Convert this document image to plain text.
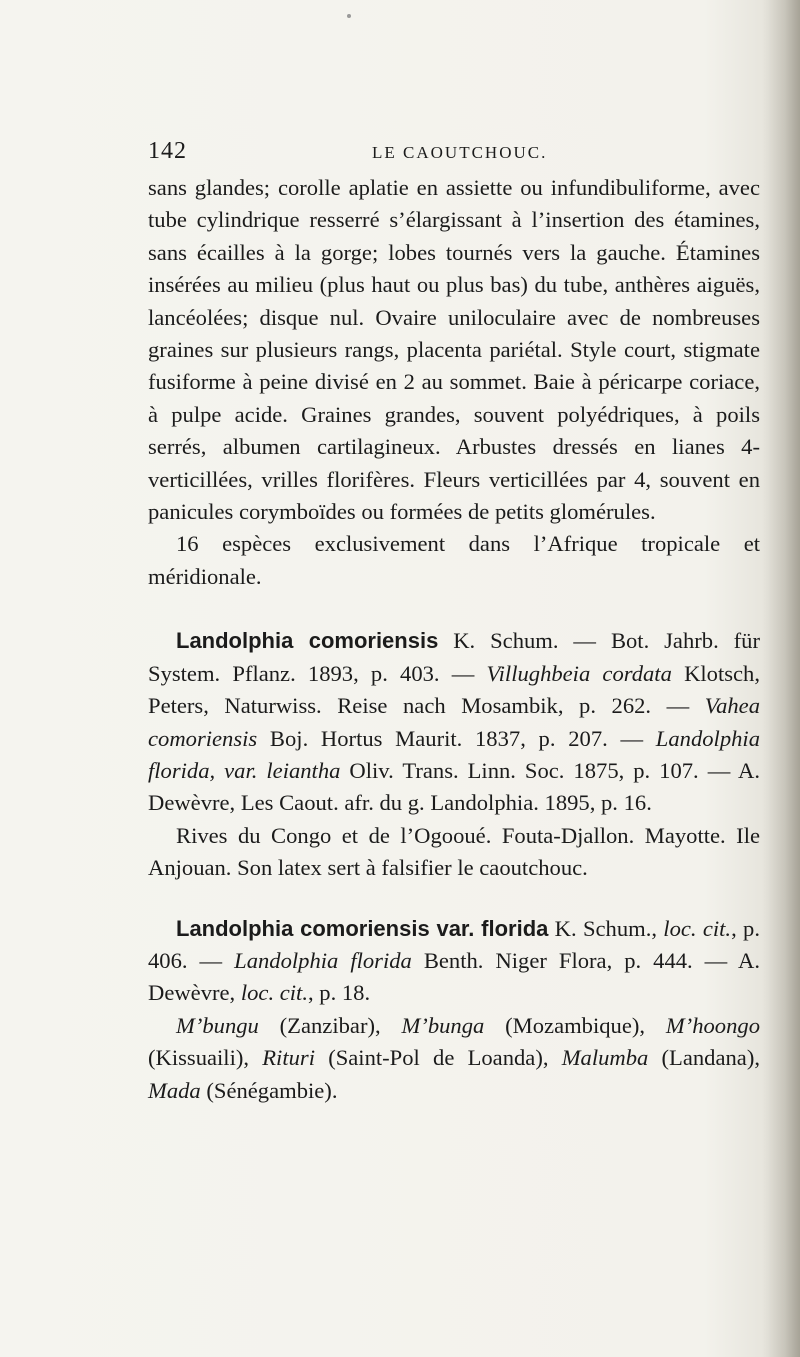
142	LE CAOUTCHOUC.

sans glandes; corolle aplatie en assiette ou infundibuliforme, avec tube cylindrique resserré s’élargissant à l’insertion des étamines, sans écailles à la gorge; lobes tournés vers la gauche. Étamines insérées au milieu (plus haut ou plus bas) du tube, anthères aiguës, lancéolées; disque nul. Ovaire uniloculaire avec de nombreuses graines sur plusieurs rangs, placenta pariétal. Style court, stigmate fusiforme à peine divisé en 2 au sommet. Baie à péricarpe coriace, à pulpe acide. Graines grandes, souvent polyédriques, à poils serrés, albumen cartilagineux. Arbustes dressés en lianes 4-verticillées, vrilles florifères. Fleurs verticillées par 4, souvent en panicules corymboïdes ou formées de petits glomérules.

16 espèces exclusivement dans l’Afrique tropicale et méridionale.

Landolphia comoriensis K. Schum. — Bot. Jahrb. für System. Pflanz. 1893, p. 403. — Villughbeia cordata Klotsch, Peters, Naturwiss. Reise nach Mosambik, p. 262. — Vahea comoriensis Boj. Hortus Maurit. 1837, p. 207. — Landolphia florida, var. leiantha Oliv. Trans. Linn. Soc. 1875, p. 107. — A. Dewèvre, Les Caout. afr. du g. Landolphia. 1895, p. 16.

Rives du Congo et de l’Ogooué. Fouta-Djallon. Mayotte. Ile Anjouan. Son latex sert à falsifier le caoutchouc.

Landolphia comoriensis var. florida K. Schum., loc. cit., p. 406. — Landolphia florida Benth. Niger Flora, p. 444. — A. Dewèvre, loc. cit., p. 18.

M’bungu (Zanzibar), M’bunga (Mozambique), M’hoongo (Kissuaili), Rituri (Saint-Pol de Loanda), Malumba (Landana), Mada (Sénégambie).
